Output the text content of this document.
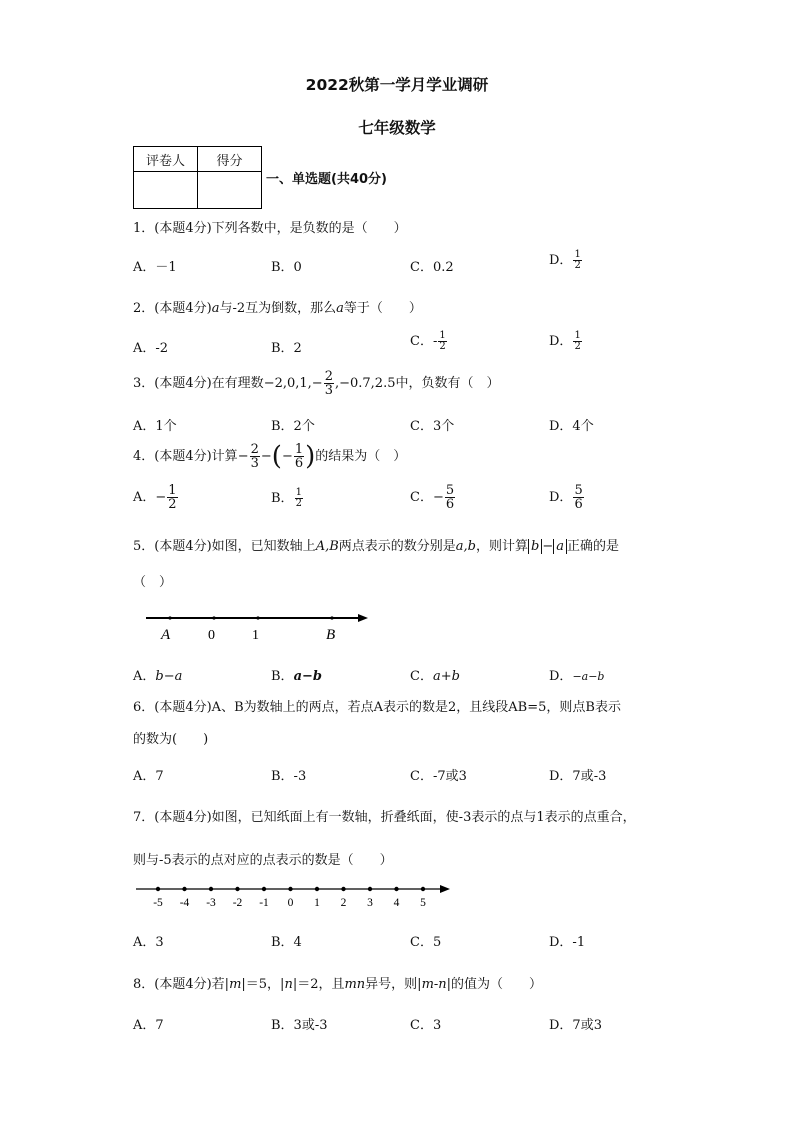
2022秋第一学月学业调研
七年级数学
评卷人	得分

一、单选题(共40分)
1．(本题4分)下列各数中，是负数的是（　　）
A．－1	B．0	C．0.2	D． $\frac{1}{2}$
2．(本题4分)a与-2互为倒数，那么a等于（　　）
A．-2	B．2	C．- $\frac{1}{2}$	D． $\frac{1}{2}$
3．(本题4分)在有理数$-2,0,1,- \frac{2}{3} ,-0.7,2.5$中，负数有（　）
A．1个	B．2个	C．3个	D．4个
4．(本题4分)计算− $\frac{2}{3}$ −(− $\frac{1}{6}$ )的结果为（　）
A．− $\frac{1}{2}$	B． $\frac{1}{2}$	C．− $\frac{5}{6}$	D． $\frac{5}{6}$
5．(本题4分)如图，已知数轴上A,B两点表示的数分别是a,b，则计算 b − a 正确的是
（　）
A	0	1	B
A．b−a	B．a−b	C．a+b	D．−a−b
6．(本题4分)A、B为数轴上的两点，若点A表示的数是2，且线段AB=5，则点B表示
的数为(　　)
A．7	B．-3	C．-7或3	D．7或-3
7．(本题4分)如图，已知纸面上有一数轴，折叠纸面，使-3表示的点与1表示的点重合，
则与-5表示的点对应的点表示的数是（　　）
-5 -4 -3 -2 -1 0 1 2 3 4 5
A．3	B．4	C．5	D．-1
8．(本题4分)若|m|＝5，|n|＝2，且mn异号，则|m-n|的值为（　　）
A．7	B．3或-3	C．3	D．7或3
